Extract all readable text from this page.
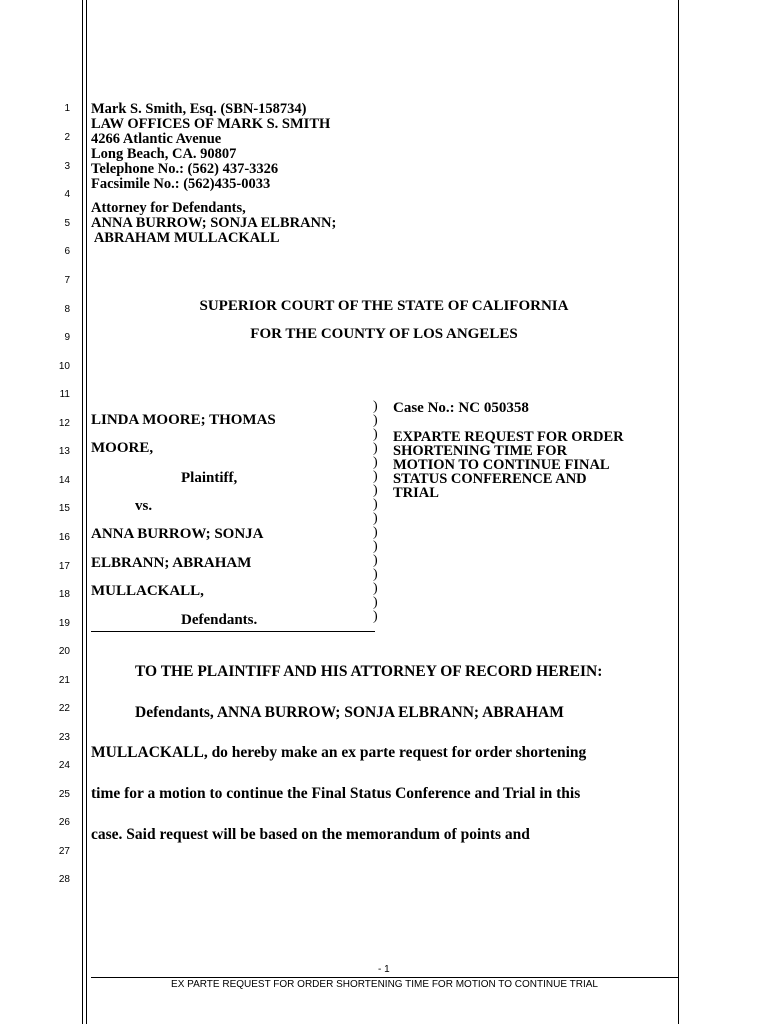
1
2
3
4
5
6
7
8
9
10
11
12
13
14
15
16
17
18
19
20
21
22
23
24
25
26
27
28
Mark S. Smith, Esq. (SBN-158734)
LAW OFFICES OF MARK S. SMITH
4266 Atlantic Avenue
Long Beach, CA. 90807
Telephone No.: (562) 437-3326
Facsimile No.: (562)435-0033
Attorney for Defendants,
ANNA BURROW; SONJA ELBRANN;
ABRAHAM MULLACKALL
SUPERIOR COURT OF THE STATE OF CALIFORNIA
FOR THE COUNTY OF LOS ANGELES
LINDA MOORE; THOMAS
MOORE,
Plaintiff,
vs.
ANNA BURROW; SONJA
ELBRANN; ABRAHAM
MULLACKALL,
Defendants.
)
)
)
)
)
)
)
)
)
)
)
)
)
)
)
)
Case No.: NC 050358
EXPARTE REQUEST FOR ORDER
SHORTENING TIME FOR
MOTION TO CONTINUE FINAL
STATUS CONFERENCE AND
TRIAL
TO THE PLAINTIFF AND HIS ATTORNEY OF RECORD HEREIN:
Defendants, ANNA BURROW; SONJA ELBRANN; ABRAHAM
MULLACKALL, do hereby make an ex parte request for order shortening
time for a motion to continue the Final Status Conference and Trial in this
case. Said request will be based on the memorandum of points and
- 1
EX PARTE REQUEST FOR ORDER SHORTENING TIME FOR MOTION TO CONTINUE TRIAL
